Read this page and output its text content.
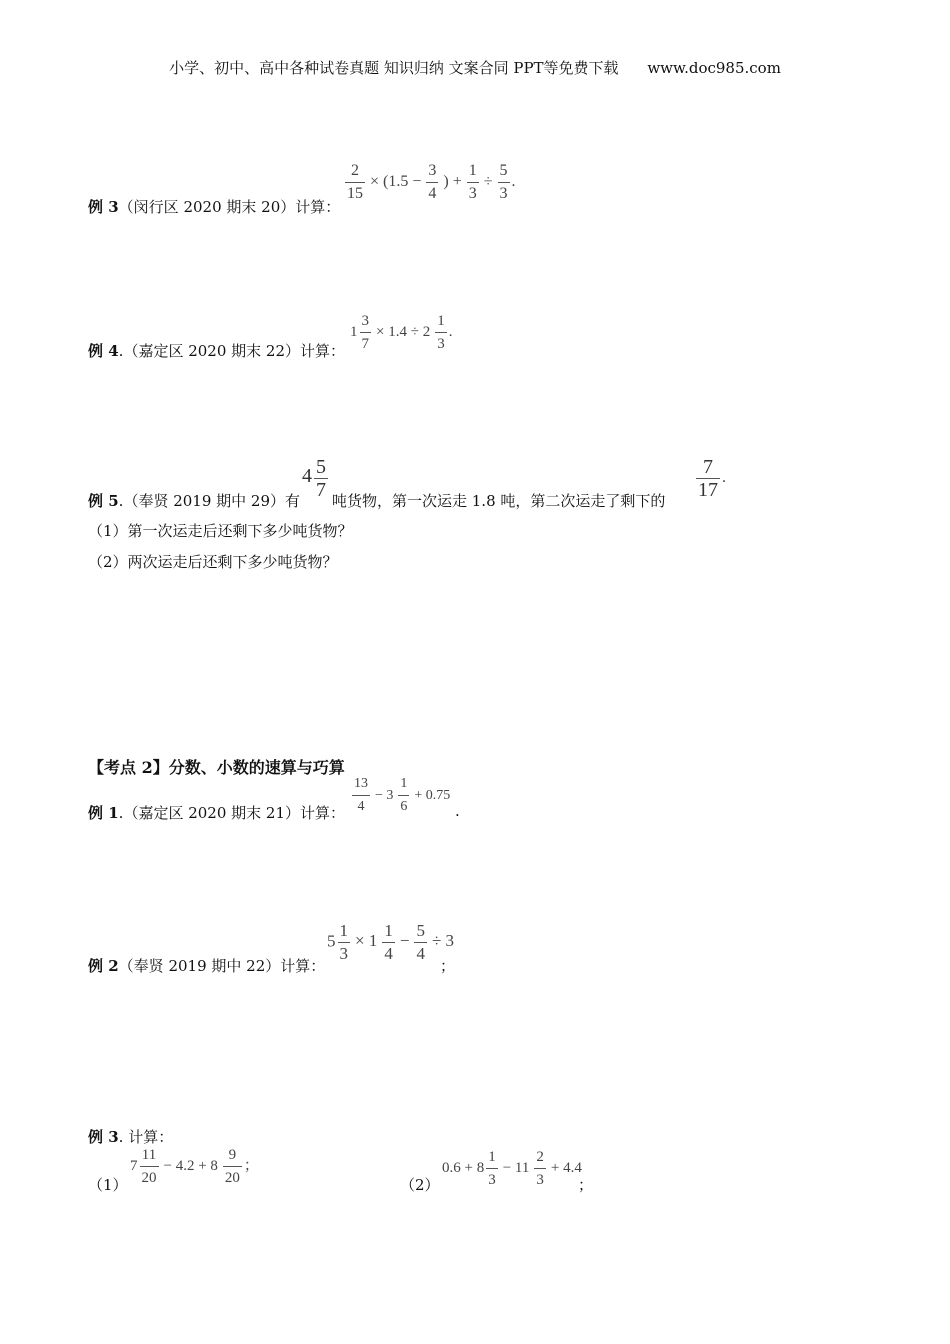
小学、初中、高中各种试卷真题 知识归纳 文案合同 PPT等免费下载 www.doc985.com
例 3（闵行区 2020 期末 20）计算：
$\frac{2}{15} \times (1.5 - \frac{3}{4}$ ) + $\frac{1}{3} \div \frac{5}{3}$ .
例 4.（嘉定区 2020 期末 22）计算：
$1 \frac{3}{7} \times 1.4 \div 2 \frac{1}{3}$ .
例 5.（奉贤 2019 期中 29）有
$4 \frac{5}{7}$ 吨货物，第一次运走 1.8 吨，第二次运走了剩下的 $\frac{7}{17}$ .
（1）第一次运走后还剩下多少吨货物？
（2）两次运走后还剩下多少吨货物？
【考点 2】分数、小数的速算与巧算
例 1.（嘉定区 2020 期末 21）计算： $\frac{13}{4} - 3 \frac{1}{6} + 0.75$
.
例 2（奉贤 2019 期中 22）计算：
$5 \frac{1}{3} \times 1 \frac{1}{4} - \frac{5}{4} \div 3$
；
例 3. 计算：
（1）
$7 \frac{11}{20} - 4.2 + 8 \frac{9}{20}$ ；
（2）
$0.6 + 8 \frac{1}{3} - 11 \frac{2}{3} + 4.4$
；
